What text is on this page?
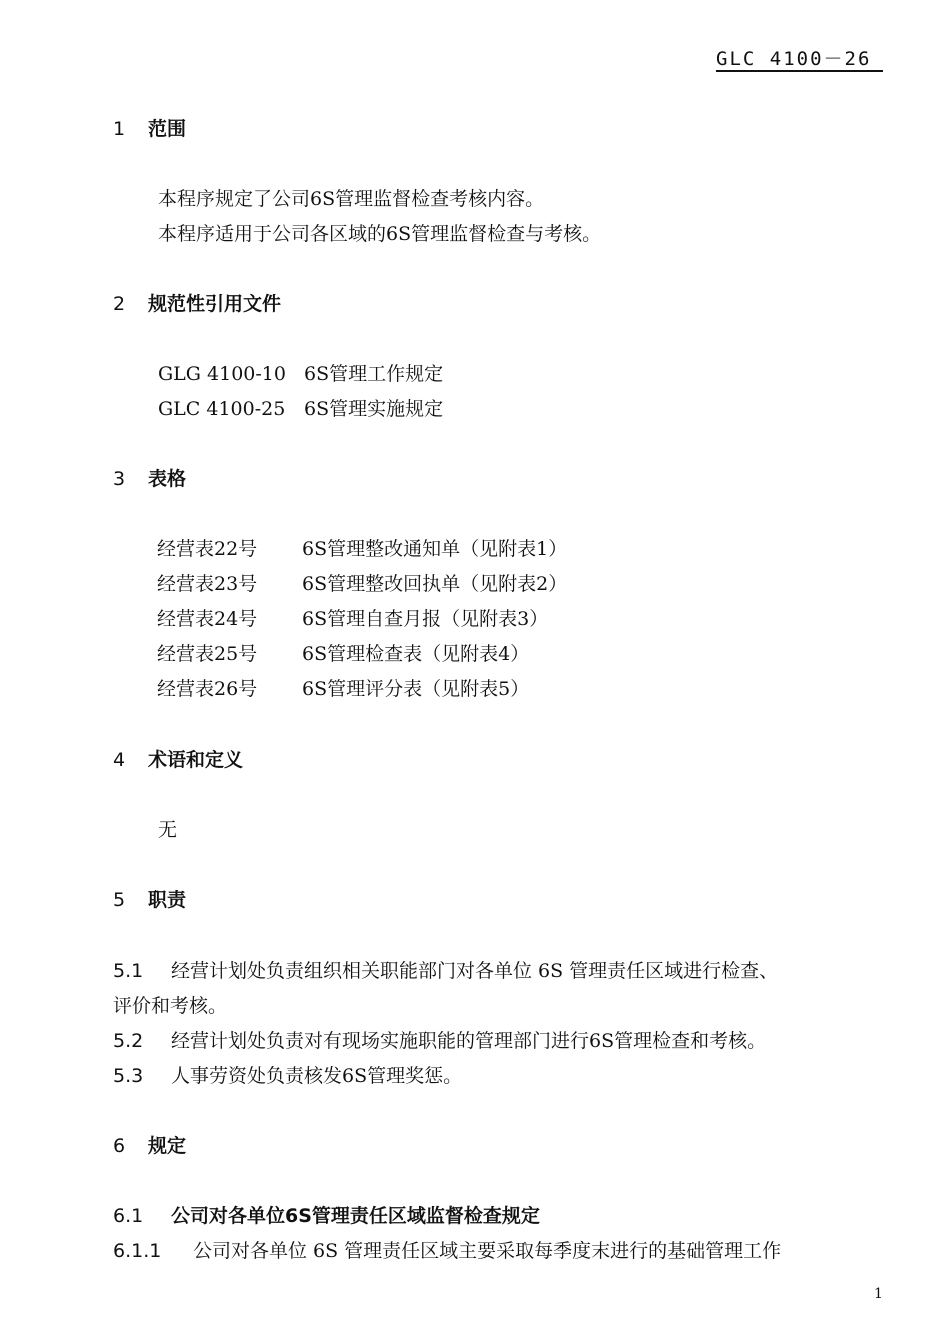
GLC 4100－26
1 范围
本程序规定了公司6S管理监督检查考核内容。
本程序适用于公司各区域的6S管理监督检查与考核。
2 规范性引用文件
GLG 4100-10 6S管理工作规定
GLC 4100-25 6S管理实施规定
3 表格
经营表22号 6S管理整改通知单（见附表1）
经营表23号 6S管理整改回执单（见附表2）
经营表24号 6S管理自查月报（见附表3）
经营表25号 6S管理检查表（见附表4）
经营表26号 6S管理评分表（见附表5）
4 术语和定义
无
5 职责
5.1 经营计划处负责组织相关职能部门对各单位 6S 管理责任区域进行检查、
评价和考核。
5.2 经营计划处负责对有现场实施职能的管理部门进行6S管理检查和考核。
5.3 人事劳资处负责核发6S管理奖惩。
6 规定
6.1 公司对各单位6S管理责任区域监督检查规定
6.1.1 公司对各单位 6S 管理责任区域主要采取每季度末进行的基础管理工作
1
